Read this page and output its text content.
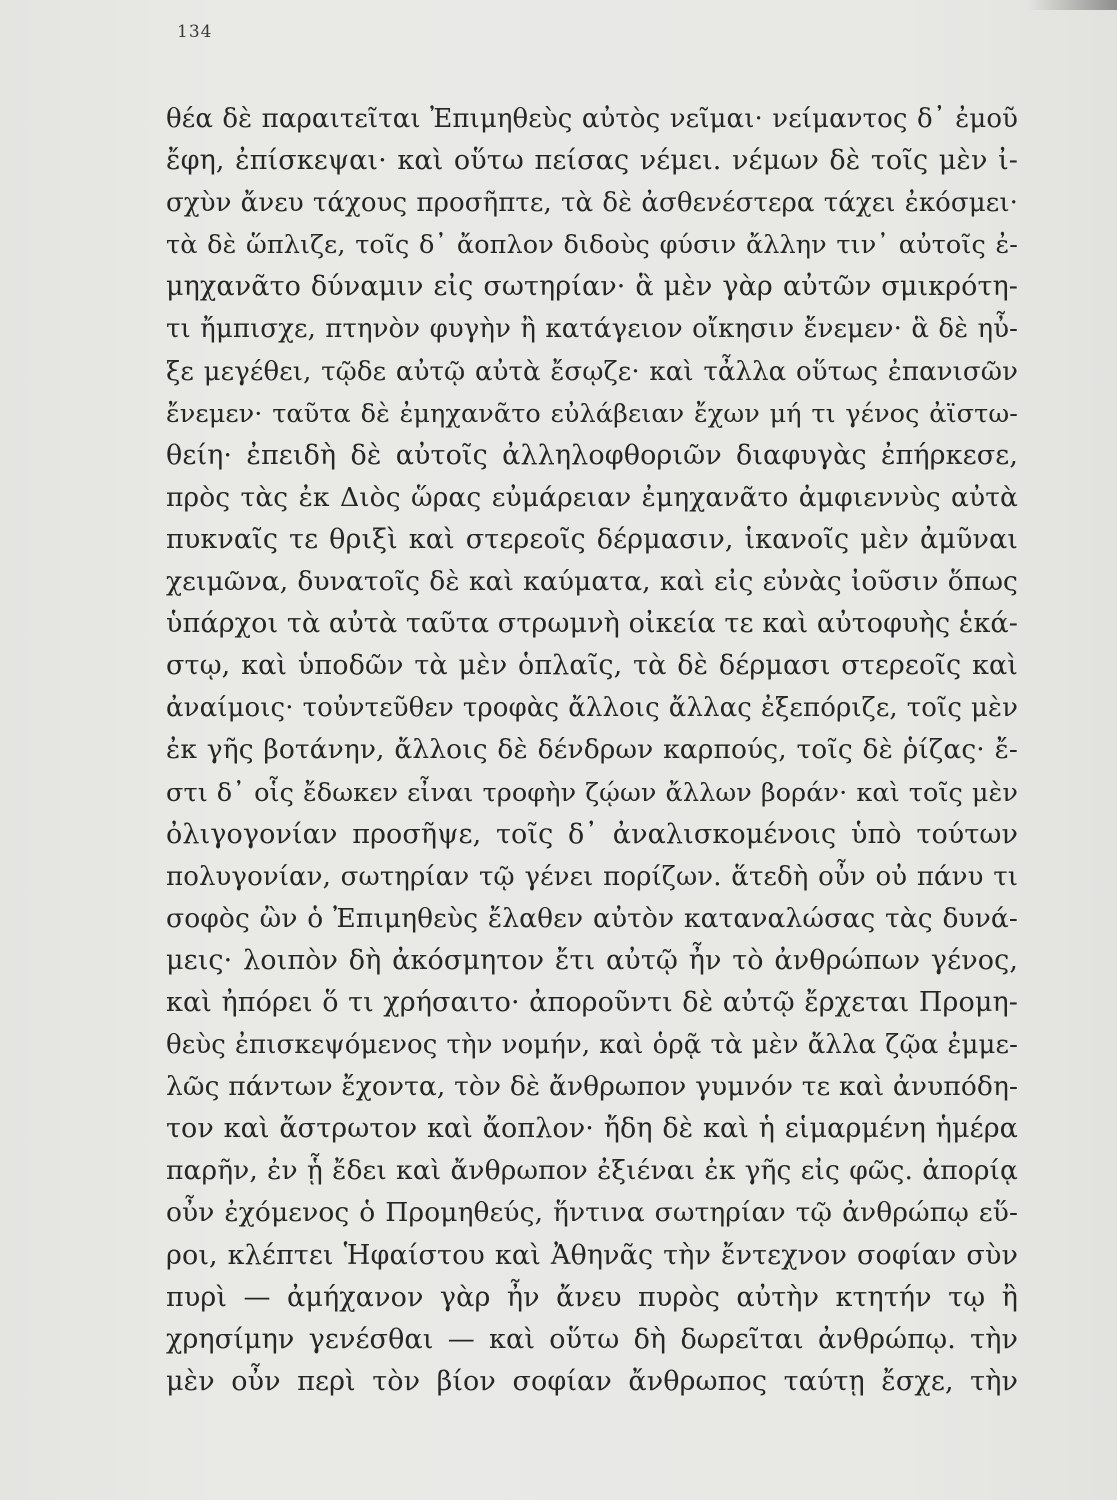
134
θέα δὲ παραιτεῖται Ἐπιμηθεὺς αὐτὸς νεῖμαι· νείμαντος δ᾽ ἐμοῦ
ἔφη, ἐπίσκεψαι· καὶ οὕτω πείσας νέμει. νέμων δὲ τοῖς μὲν ἰ-
σχὺν ἄνευ τάχους προσῆπτε, τὰ δὲ ἀσθενέστερα τάχει ἐκόσμει·
τὰ δὲ ὥπλιζε, τοῖς δ᾽ ἄοπλον διδοὺς φύσιν ἄλλην τιν᾽ αὐτοῖς ἐ-
μηχανᾶτο δύναμιν εἰς σωτηρίαν· ἃ μὲν γὰρ αὐτῶν σμικρότη-
τι ἤμπισχε, πτηνὸν φυγὴν ἢ κατάγειον οἴκησιν ἔνεμεν· ἃ δὲ ηὖ-
ξε μεγέθει, τῷδε αὐτῷ αὐτὰ ἔσῳζε· καὶ τἆλλα οὕτως ἐπανισῶν
ἔνεμεν· ταῦτα δὲ ἐμηχανᾶτο εὐλάβειαν ἔχων μή τι γένος ἀϊστω-
θείη· ἐπειδὴ δὲ αὐτοῖς ἀλληλοφθοριῶν διαφυγὰς ἐπήρκεσε,
πρὸς τὰς ἐκ Διὸς ὥρας εὐμάρειαν ἐμηχανᾶτο ἀμφιεννὺς αὐτὰ
πυκναῖς τε θριξὶ καὶ στερεοῖς δέρμασιν, ἱκανοῖς μὲν ἀμῦναι
χειμῶνα, δυνατοῖς δὲ καὶ καύματα, καὶ εἰς εὐνὰς ἰοῦσιν ὅπως
ὑπάρχοι τὰ αὐτὰ ταῦτα στρωμνὴ οἰκεία τε καὶ αὐτοφυὴς ἑκά-
στῳ, καὶ ὑποδῶν τὰ μὲν ὁπλαῖς, τὰ δὲ δέρμασι στερεοῖς καὶ
ἀναίμοις· τοὐντεῦθεν τροφὰς ἄλλοις ἄλλας ἐξεπόριζε, τοῖς μὲν
ἐκ γῆς βοτάνην, ἄλλοις δὲ δένδρων καρπούς, τοῖς δὲ ῥίζας· ἔ-
στι δ᾽ οἷς ἔδωκεν εἶναι τροφὴν ζῴων ἄλλων βοράν· καὶ τοῖς μὲν
ὀλιγογονίαν προσῆψε, τοῖς δ᾽ ἀναλισκομένοις ὑπὸ τούτων
πολυγονίαν, σωτηρίαν τῷ γένει πορίζων. ἅτεδὴ οὖν οὐ πάνυ τι
σοφὸς ὢν ὁ Ἐπιμηθεὺς ἔλαθεν αὐτὸν καταναλώσας τὰς δυνά-
μεις· λοιπὸν δὴ ἀκόσμητον ἔτι αὐτῷ ἦν τὸ ἀνθρώπων γένος,
καὶ ἠπόρει ὅ τι χρήσαιτο· ἀποροῦντι δὲ αὐτῷ ἔρχεται Προμη-
θεὺς ἐπισκεψόμενος τὴν νομήν, καὶ ὁρᾷ τὰ μὲν ἄλλα ζῷα ἐμμε-
λῶς πάντων ἔχοντα, τὸν δὲ ἄνθρωπον γυμνόν τε καὶ ἀνυπόδη-
τον καὶ ἄστρωτον καὶ ἄοπλον· ἤδη δὲ καὶ ἡ εἱμαρμένη ἡμέρα
παρῆν, ἐν ᾗ ἔδει καὶ ἄνθρωπον ἐξιέναι ἐκ γῆς εἰς φῶς. ἀπορίᾳ
οὖν ἐχόμενος ὁ Προμηθεύς, ἥντινα σωτηρίαν τῷ ἀνθρώπῳ εὕ-
ροι, κλέπτει Ἡφαίστου καὶ Ἀθηνᾶς τὴν ἔντεχνον σοφίαν σὺν
πυρὶ — ἀμήχανον γὰρ ἦν ἄνευ πυρὸς αὐτὴν κτητήν τῳ ἢ
χρησίμην γενέσθαι — καὶ οὕτω δὴ δωρεῖται ἀνθρώπῳ. τὴν
μὲν οὖν περὶ τὸν βίον σοφίαν ἄνθρωπος ταύτῃ ἔσχε, τὴν
